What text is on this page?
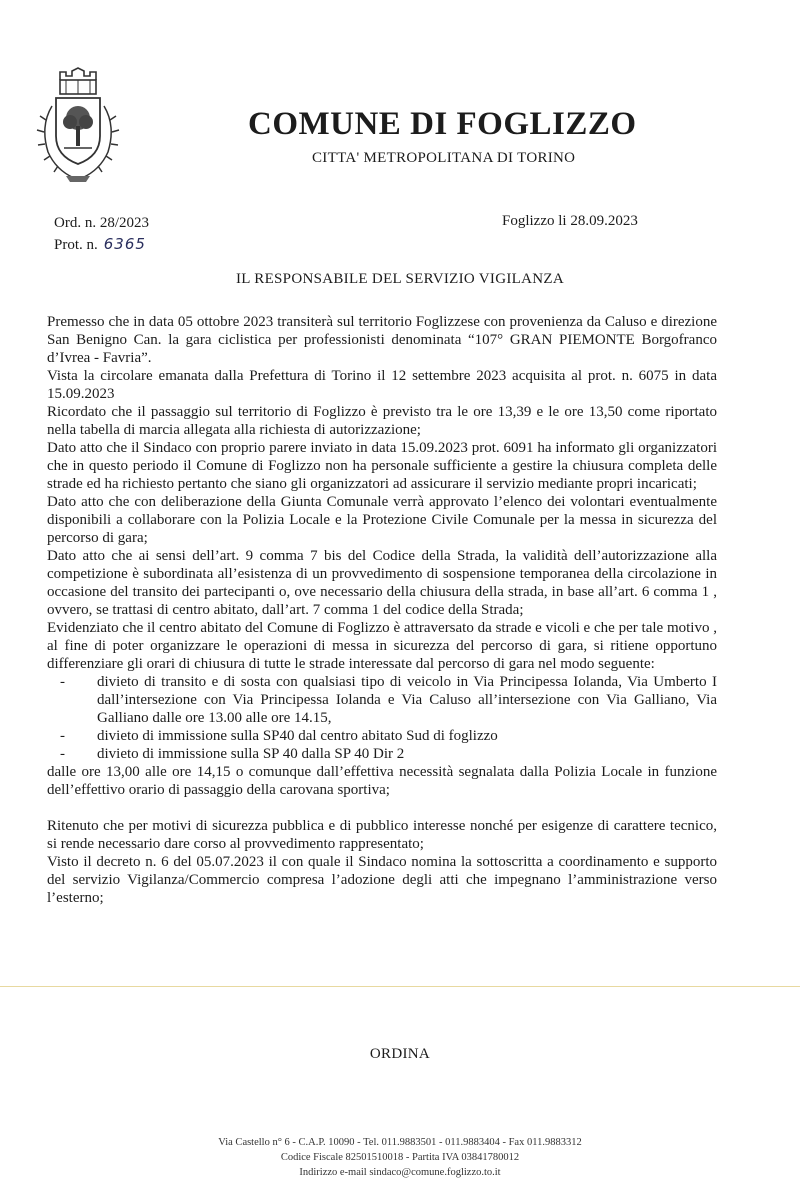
COMUNE DI FOGLIZZO
CITTA' METROPOLITANA DI TORINO
Ord. n. 28/2023
Prot. n. 6365
Foglizzo li 28.09.2023
IL RESPONSABILE DEL SERVIZIO VIGILANZA

Premesso che in data 05 ottobre 2023 transiterà sul territorio Foglizzese con provenienza da Caluso e direzione San Benigno Can. la gara ciclistica per professionisti denominata “107° GRAN PIEMONTE Borgofranco d’Ivrea - Favria”.

Vista la circolare emanata dalla Prefettura di Torino il 12 settembre 2023 acquisita al prot. n. 6075 in data 15.09.2023

Ricordato che il passaggio sul territorio di Foglizzo è previsto tra le ore 13,39 e le ore 13,50 come riportato nella tabella di marcia allegata alla richiesta di autorizzazione;

Dato atto che il Sindaco con proprio parere inviato in data 15.09.2023 prot. 6091 ha informato gli organizzatori che in questo periodo il Comune di Foglizzo non ha personale sufficiente a gestire la chiusura completa delle strade ed ha richiesto pertanto che siano gli organizzatori ad assicurare il servizio mediante propri incaricati;

Dato atto che con deliberazione della Giunta Comunale verrà approvato l’elenco dei volontari eventualmente disponibili a collaborare con la Polizia Locale e la Protezione Civile Comunale per la messa in sicurezza del percorso di gara;

Dato atto che ai sensi dell’art. 9 comma 7 bis del Codice della Strada, la validità dell’autorizzazione alla competizione è subordinata all’esistenza di un provvedimento di sospensione temporanea della circolazione in occasione del transito dei partecipanti o, ove necessario della chiusura della strada, in base all’art. 6 comma 1 , ovvero, se trattasi di centro abitato, dall’art. 7 comma 1 del codice della Strada;

Evidenziato che il centro abitato del Comune di Foglizzo è attraversato da strade e vicoli e che per tale motivo , al fine di poter organizzare le operazioni di messa in sicurezza del percorso di gara, si ritiene opportuno differenziare gli orari di chiusura di tutte le strade interessate dal percorso di gara nel modo seguente:

- divieto di transito e di sosta con qualsiasi tipo di veicolo in Via Principessa Iolanda, Via Umberto I dall’intersezione con Via Principessa Iolanda e Via Caluso all’intersezione con Via Galliano, Via Galliano dalle ore 13.00 alle ore 14.15,
- divieto di immissione sulla SP40 dal centro abitato Sud di foglizzo
- divieto di immissione sulla SP 40 dalla SP 40 Dir 2

dalle ore 13,00 alle ore 14,15 o comunque dall’effettiva necessità segnalata dalla Polizia Locale in funzione dell’effettivo orario di passaggio della carovana sportiva;

Ritenuto che per motivi di sicurezza pubblica e di pubblico interesse nonché per esigenze di carattere tecnico, si rende necessario dare corso al provvedimento rappresentato;

Visto il decreto n. 6 del 05.07.2023 il con quale il Sindaco nomina la sottoscritta a coordinamento e supporto del servizio Vigilanza/Commercio compresa l’adozione degli atti che impegnano l’amministrazione verso l’esterno;

ORDINA
Via Castello n° 6 - C.A.P. 10090 - Tel. 011.9883501 - 011.9883404 - Fax 011.9883312
Codice Fiscale 82501510018 - Partita IVA 03841780012
Indirizzo e-mail sindaco@comune.foglizzo.to.it
